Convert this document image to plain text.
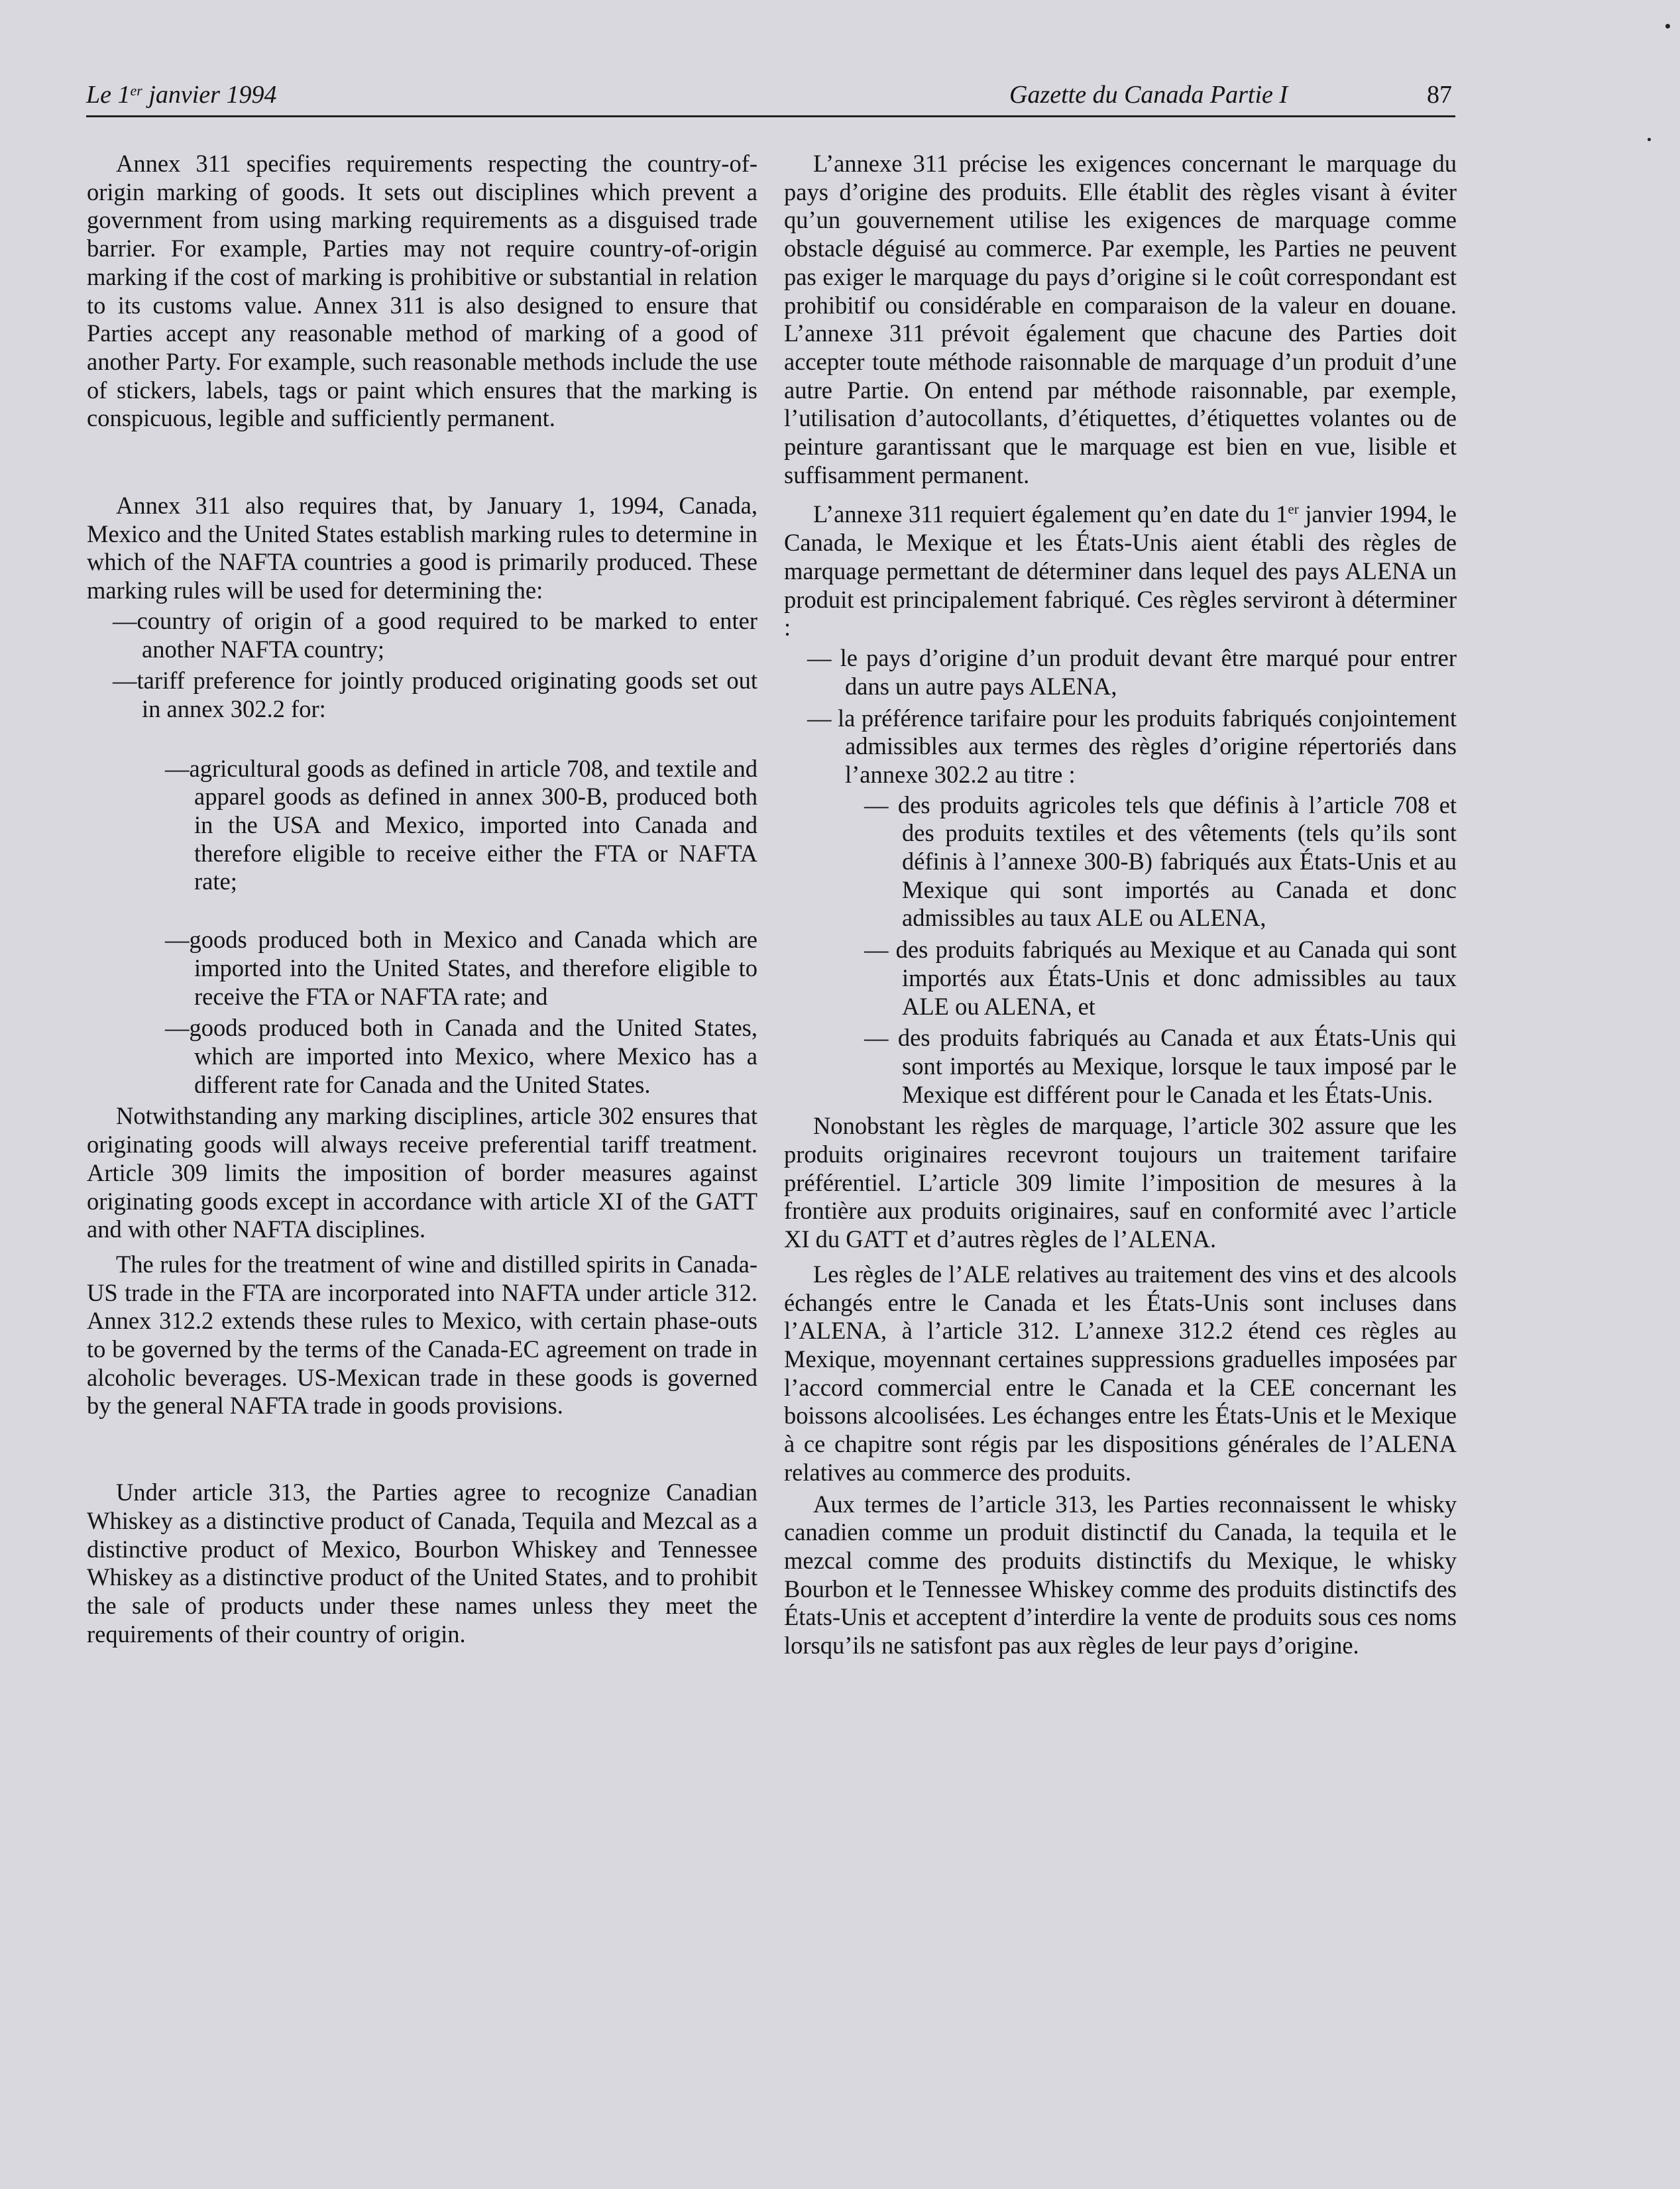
Le 1er janvier 1994	Gazette du Canada Partie I	87

Annex 311 specifies requirements respecting the country-of-origin marking of goods. It sets out disciplines which prevent a government from using marking requirements as a disguised trade barrier. For example, Parties may not require country-of-origin marking if the cost of marking is prohibitive or substantial in relation to its customs value. Annex 311 is also designed to ensure that Parties accept any reasonable method of marking of a good of another Party. For example, such reasonable methods include the use of stickers, labels, tags or paint which ensures that the marking is conspicuous, legible and sufficiently permanent.

Annex 311 also requires that, by January 1, 1994, Canada, Mexico and the United States establish marking rules to determine in which of the NAFTA countries a good is primarily produced. These marking rules will be used for determining the:

—country of origin of a good required to be marked to enter another NAFTA country;
—tariff preference for jointly produced originating goods set out in annex 302.2 for:
—agricultural goods as defined in article 708, and textile and apparel goods as defined in annex 300-B, produced both in the USA and Mexico, imported into Canada and therefore eligible to receive either the FTA or NAFTA rate;
—goods produced both in Mexico and Canada which are imported into the United States, and therefore eligible to receive the FTA or NAFTA rate; and
—goods produced both in Canada and the United States, which are imported into Mexico, where Mexico has a different rate for Canada and the United States.

Notwithstanding any marking disciplines, article 302 ensures that originating goods will always receive preferential tariff treatment. Article 309 limits the imposition of border measures against originating goods except in accordance with article XI of the GATT and with other NAFTA disciplines.

The rules for the treatment of wine and distilled spirits in Canada-US trade in the FTA are incorporated into NAFTA under article 312. Annex 312.2 extends these rules to Mexico, with certain phase-outs to be governed by the terms of the Canada-EC agreement on trade in alcoholic beverages. US-Mexican trade in these goods is governed by the general NAFTA trade in goods provisions.

Under article 313, the Parties agree to recognize Canadian Whiskey as a distinctive product of Canada, Tequila and Mezcal as a distinctive product of Mexico, Bourbon Whiskey and Tennessee Whiskey as a distinctive product of the United States, and to prohibit the sale of products under these names unless they meet the requirements of their country of origin.

L’annexe 311 précise les exigences concernant le marquage du pays d’origine des produits. Elle établit des règles visant à éviter qu’un gouvernement utilise les exigences de marquage comme obstacle déguisé au commerce. Par exemple, les Parties ne peuvent pas exiger le marquage du pays d’origine si le coût correspondant est prohibitif ou considérable en comparaison de la valeur en douane. L’annexe 311 prévoit également que chacune des Parties doit accepter toute méthode raisonnable de marquage d’un produit d’une autre Partie. On entend par méthode raisonnable, par exemple, l’utilisation d’autocollants, d’étiquettes, d’étiquettes volantes ou de peinture garantissant que le marquage est bien en vue, lisible et suffisamment permanent.

L’annexe 311 requiert également qu’en date du 1er janvier 1994, le Canada, le Mexique et les États-Unis aient établi des règles de marquage permettant de déterminer dans lequel des pays ALENA un produit est principalement fabriqué. Ces règles serviront à déterminer :

— le pays d’origine d’un produit devant être marqué pour entrer dans un autre pays ALENA,
— la préférence tarifaire pour les produits fabriqués conjointement admissibles aux termes des règles d’origine répertoriés dans l’annexe 302.2 au titre :
— des produits agricoles tels que définis à l’article 708 et des produits textiles et des vêtements (tels qu’ils sont définis à l’annexe 300-B) fabriqués aux États-Unis et au Mexique qui sont importés au Canada et donc admissibles au taux ALE ou ALENA,
— des produits fabriqués au Mexique et au Canada qui sont importés aux États-Unis et donc admissibles au taux ALE ou ALENA, et
— des produits fabriqués au Canada et aux États-Unis qui sont importés au Mexique, lorsque le taux imposé par le Mexique est différent pour le Canada et les États-Unis.

Nonobstant les règles de marquage, l’article 302 assure que les produits originaires recevront toujours un traitement tarifaire préférentiel. L’article 309 limite l’imposition de mesures à la frontière aux produits originaires, sauf en conformité avec l’article XI du GATT et d’autres règles de l’ALENA.

Les règles de l’ALE relatives au traitement des vins et des alcools échangés entre le Canada et les États-Unis sont incluses dans l’ALENA, à l’article 312. L’annexe 312.2 étend ces règles au Mexique, moyennant certaines suppressions graduelles imposées par l’accord commercial entre le Canada et la CEE concernant les boissons alcoolisées. Les échanges entre les États-Unis et le Mexique à ce chapitre sont régis par les dispositions générales de l’ALENA relatives au commerce des produits.

Aux termes de l’article 313, les Parties reconnaissent le whisky canadien comme un produit distinctif du Canada, la tequila et le mezcal comme des produits distinctifs du Mexique, le whisky Bourbon et le Tennessee Whiskey comme des produits distinctifs des États-Unis et acceptent d’interdire la vente de produits sous ces noms lorsqu’ils ne satisfont pas aux règles de leur pays d’origine.
